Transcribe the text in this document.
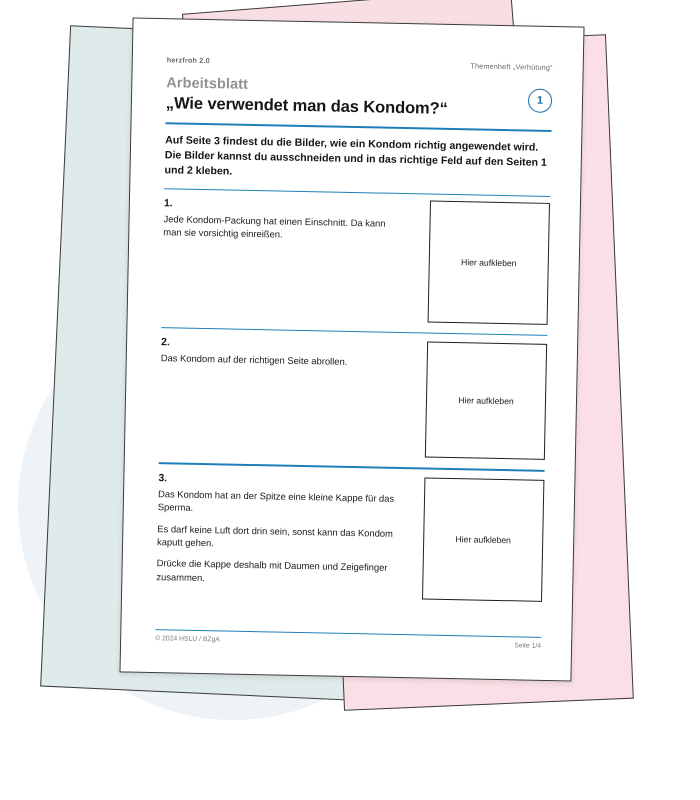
herzfroh 2.0
Themenheft „Verhütung“
Arbeitsblatt
„Wie verwendet man das Kondom?“	1
Auf Seite 3 findest du die Bilder, wie ein Kondom richtig angewendet wird. Die Bilder kannst du ausschneiden und in das richtige Feld auf den Seiten 1 und 2 kleben.
1.

Jede Kondom-Packung hat einen Einschnitt. Da kann man sie vorsichtig einreißen.

Hier aufkleben
2.

Das Kondom auf der richtigen Seite abrollen.

Hier aufkleben
3.

Das Kondom hat an der Spitze eine kleine Kappe für das Sperma.

Es darf keine Luft dort drin sein, sonst kann das Kondom kaputt gehen.

Drücke die Kappe deshalb mit Daumen und Zeigefinger zusammen.

Hier aufkleben
© 2024 HSLU / BZgA
Seite 1/4
